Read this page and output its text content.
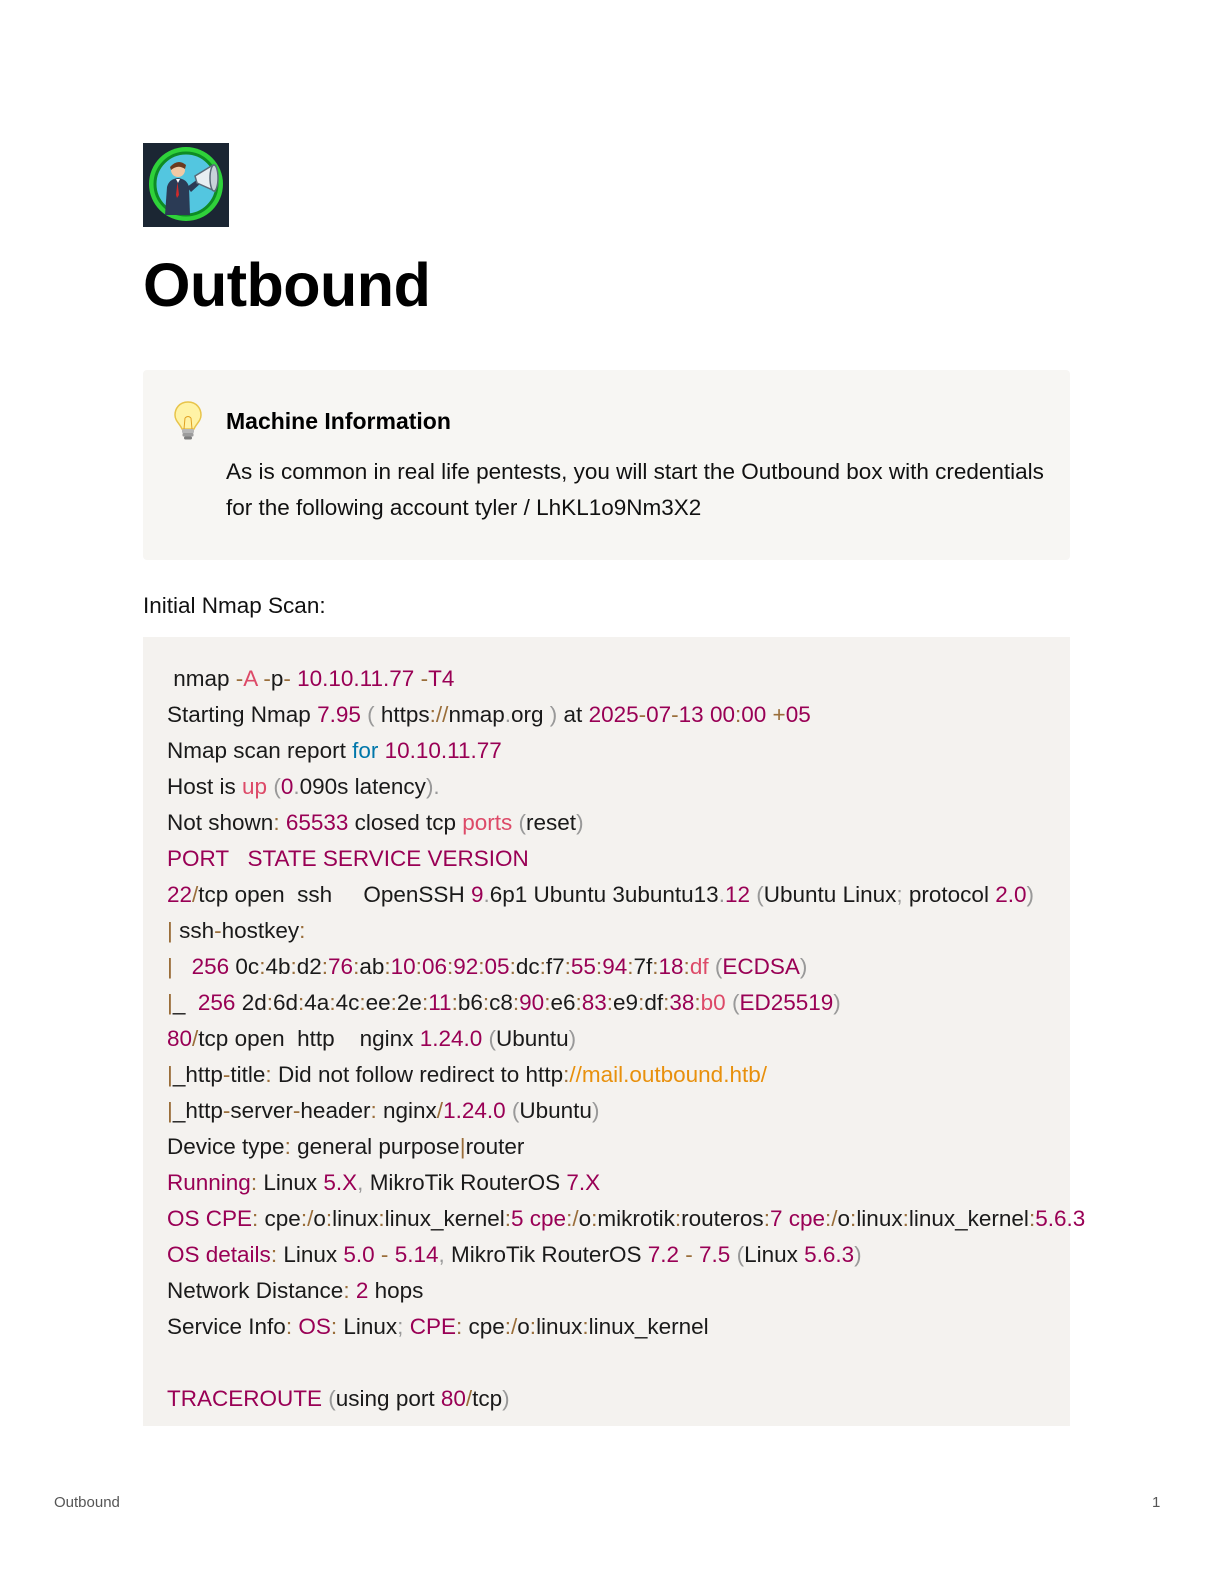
Outbound
Machine Information
As is common in real life pentests, you will start the Outbound box with credentials for the following account tyler / LhKL1o9Nm3X2
Initial Nmap Scan:
nmap -A -p- 10.10.11.77 -T4
Starting Nmap 7.95 ( https://nmap.org ) at 2025-07-13 00:00 +05
Nmap scan report for 10.10.11.77
Host is up (0.090s latency).
Not shown: 65533 closed tcp ports (reset)
PORT   STATE SERVICE VERSION
22/tcp open  ssh     OpenSSH 9.6p1 Ubuntu 3ubuntu13.12 (Ubuntu Linux; protocol 2.0)
| ssh-hostkey:
| 256 0c:4b:d2:76:ab:10:06:92:05:dc:f7:55:94:7f:18:df (ECDSA)
|_  256 2d:6d:4a:4c:ee:2e:11:b6:c8:90:e6:83:e9:df:38:b0 (ED25519)
80/tcp open  http    nginx 1.24.0 (Ubuntu)
|_http-title: Did not follow redirect to http://mail.outbound.htb/
|_http-server-header: nginx/1.24.0 (Ubuntu)
Device type: general purpose|router
Running: Linux 5.X, MikroTik RouterOS 7.X
OS CPE: cpe:/o:linux:linux_kernel:5 cpe:/o:mikrotik:routeros:7 cpe:/o:linux:linux_kernel:5.6.3
OS details: Linux 5.0 - 5.14, MikroTik RouterOS 7.2 - 7.5 (Linux 5.6.3)
Network Distance: 2 hops
Service Info: OS: Linux; CPE: cpe:/o:linux:linux_kernel
TRACEROUTE (using port 80/tcp)
Outbound	1
